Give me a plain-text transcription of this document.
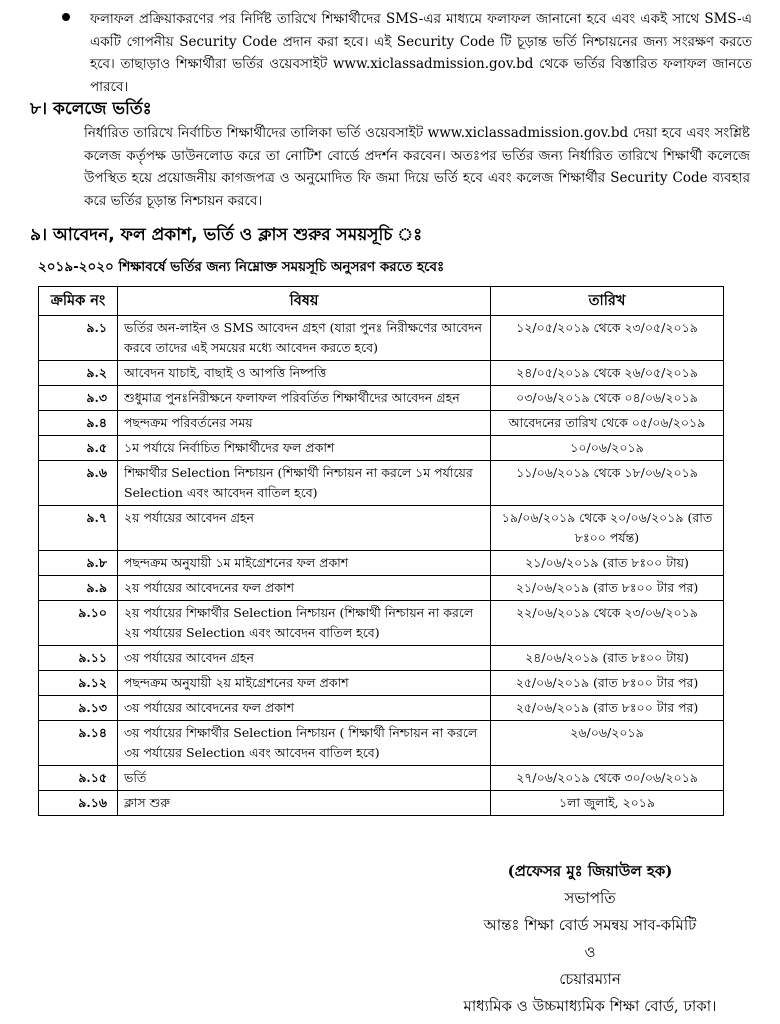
ফলাফল প্রক্রিয়াকরণের পর নির্দিষ্ট তারিখে শিক্ষার্থীদের SMS-এর মাধ্যমে ফলাফল জানানো হবে এবং একই সাথে SMS-এ একটি গোপনীয় Security Code প্রদান করা হবে। এই Security Code টি চূড়ান্ত ভর্তি নিশ্চায়নের জন্য সংরক্ষণ করতে হবে। তাছাড়াও শিক্ষার্থীরা ভর্তির ওয়েবসাইট www.xiclassadmission.gov.bd থেকে ভর্তির বিস্তারিত ফলাফল জানতে পারবে।
৮। কলেজে ভর্তিঃ
নির্ধারিত তারিখে নির্বাচিত শিক্ষার্থীদের তালিকা ভর্তি ওয়েবসাইট www.xiclassadmission.gov.bd দেয়া হবে এবং সংশ্লিষ্ট কলেজ কর্তৃপক্ষ ডাউনলোড করে তা নোটিশ বোর্ডে প্রদর্শন করবেন। অতঃপর ভর্তির জন্য নির্ধারিত তারিখে শিক্ষার্থী কলেজে উপস্থিত হয়ে প্রয়োজনীয় কাগজপত্র ও অনুমোদিত ফি জমা দিয়ে ভর্তি হবে এবং কলেজ শিক্ষার্থীর Security Code ব্যবহার করে ভর্তির চূড়ান্ত নিশ্চায়ন করবে।
৯। আবেদন, ফল প্রকাশ, ভর্তি ও ক্লাস শুরুর সময়সূচি ঃ
২০১৯-২০২০ শিক্ষাবর্ষে ভর্তির জন্য নিম্নোক্ত সময়সূচি অনুসরণ করতে হবেঃ
ক্রমিক নং	বিষয়	তারিখ
৯.১	ভর্তির অন-লাইন ও SMS আবেদন গ্রহণ (যারা পুনঃ নিরীক্ষণের আবেদন করবে তাদের এই সময়ের মধ্যে আবেদন করতে হবে)	১২/০৫/২০১৯ থেকে ২৩/০৫/২০১৯
৯.২	আবেদন যাচাই, বাছাই ও আপত্তি নিষ্পত্তি	২৪/০৫/২০১৯ থেকে ২৬/০৫/২০১৯
৯.৩	শুধুমাত্র পুনঃনিরীক্ষনে ফলাফল পরিবর্তিত শিক্ষার্থীদের আবেদন গ্রহন	০৩/০৬/২০১৯ থেকে ০৪/০৬/২০১৯
৯.৪	পছন্দক্রম পরিবর্তনের সময়	আবেদনের তারিখ থেকে ০৫/০৬/২০১৯
৯.৫	১ম পর্যায়ে নির্বাচিত শিক্ষার্থীদের ফল প্রকাশ	১০/০৬/২০১৯
৯.৬	শিক্ষার্থীর Selection নিশ্চায়ন (শিক্ষার্থী নিশ্চায়ন না করলে ১ম পর্যায়ের Selection এবং আবেদন বাতিল হবে)	১১/০৬/২০১৯ থেকে ১৮/০৬/২০১৯
৯.৭	২য় পর্যায়ের আবেদন গ্রহন	১৯/০৬/২০১৯ থেকে ২০/০৬/২০১৯ (রাত ৮ঃ০০ পর্যন্ত)
৯.৮	পছন্দক্রম অনুযায়ী ১ম মাইগ্রেশনের ফল প্রকাশ	২১/০৬/২০১৯ (রাত ৮ঃ০০ টায়)
৯.৯	২য় পর্যায়ের আবেদনের ফল প্রকাশ	২১/০৬/২০১৯ (রাত ৮ঃ০০ টার পর)
৯.১০	২য় পর্যায়ের শিক্ষার্থীর Selection নিশ্চায়ন (শিক্ষার্থী নিশ্চায়ন না করলে ২য় পর্যায়ের Selection এবং আবেদন বাতিল হবে)	২২/০৬/২০১৯ থেকে ২৩/০৬/২০১৯
৯.১১	৩য় পর্যায়ের আবেদন গ্রহন	২৪/০৬/২০১৯ (রাত ৮ঃ০০ টায়)
৯.১২	পছন্দক্রম অনুযায়ী ২য় মাইগ্রেশনের ফল প্রকাশ	২৫/০৬/২০১৯ (রাত ৮ঃ০০ টার পর)
৯.১৩	৩য় পর্যায়ের আবেদনের ফল প্রকাশ	২৫/০৬/২০১৯ (রাত ৮ঃ০০ টার পর)
৯.১৪	৩য় পর্যায়ের শিক্ষার্থীর Selection নিশ্চায়ন ( শিক্ষার্থী নিশ্চায়ন না করলে ৩য় পর্যায়ের Selection এবং আবেদন বাতিল হবে)	২৬/০৬/২০১৯
৯.১৫	ভর্তি	২৭/০৬/২০১৯ থেকে ৩০/০৬/২০১৯
৯.১৬	ক্লাস শুরু	১লা জুলাই, ২০১৯
(প্রফেসর মুঃ জিয়াউল হক)
সভাপতি
আন্তঃ শিক্ষা বোর্ড সমন্বয় সাব-কমিটি
ও
চেয়ারম্যান
মাধ্যমিক ও উচ্চমাধ্যমিক শিক্ষা বোর্ড, ঢাকা।
